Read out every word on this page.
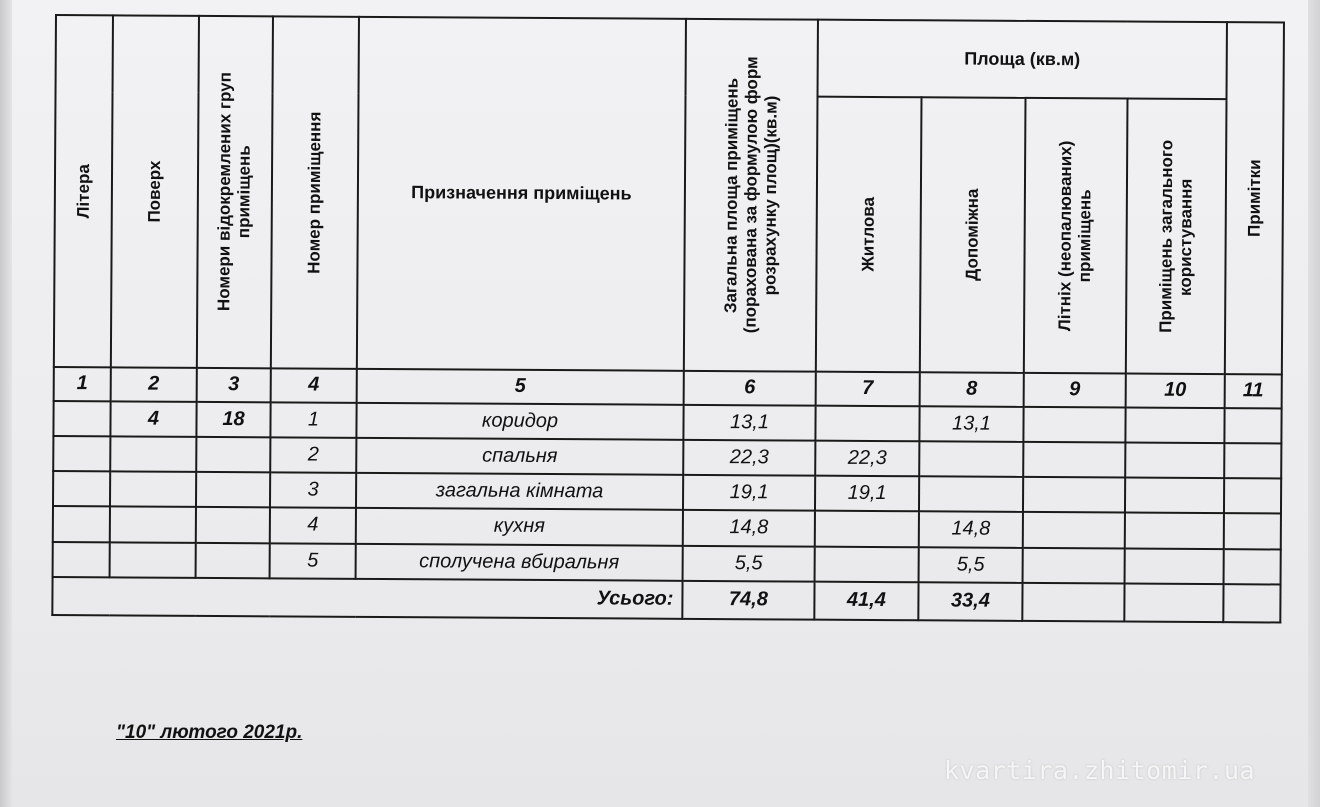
Літера	Поверх	Номери відокремлених груп приміщень	Номер приміщення	Призначення приміщень	Загальна площа приміщень (порахована за формулою форм розрахунку площ)(кв.м)	Площа (кв.м)				Примітки

						Житлова	Допоміжна	Літніх (неопалюваних) приміщень	Приміщень загального користування	

1	2	3	4	5	6	7	8	9	10	11
	4	18	1	коридор	13,1		13,1			
			2	спальня	22,3	22,3				
			3	загальна кімната	19,1	19,1				
			4	кухня	14,8		14,8			
			5	сполучена вбиральня	5,5		5,5			
Усього:					74,8	41,4	33,4			
"10" лютого 2021р.
kvartira.zhitomir.ua
